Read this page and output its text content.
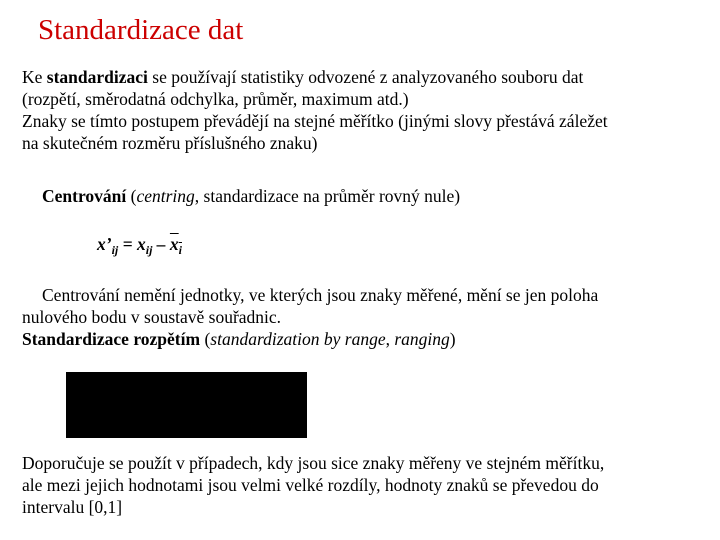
Standardizace dat
Ke standardizaci se používají statistiky odvozené z analyzovaného souboru dat
(rozpětí, směrodatná odchylka, průměr, maximum atd.)
Znaky se tímto postupem převádějí na stejné měřítko (jinými slovy přestává záležet
na skutečném rozměru příslušného znaku)
Centrování (centring, standardizace na průměr rovný nule)
$x’_{ij} = x_{ij} - x_i$
Centrování nemění jednotky, ve kterých jsou znaky měřené, mění se jen poloha
nulového bodu v soustavě souřadnic.
Standardizace rozpětím (standardization by range, ranging)
Doporučuje se použít v případech, kdy jsou sice znaky měřeny ve stejném měřítku,
ale mezi jejich hodnotami jsou velmi velké rozdíly, hodnoty znaků se převedou do
intervalu [0,1]
